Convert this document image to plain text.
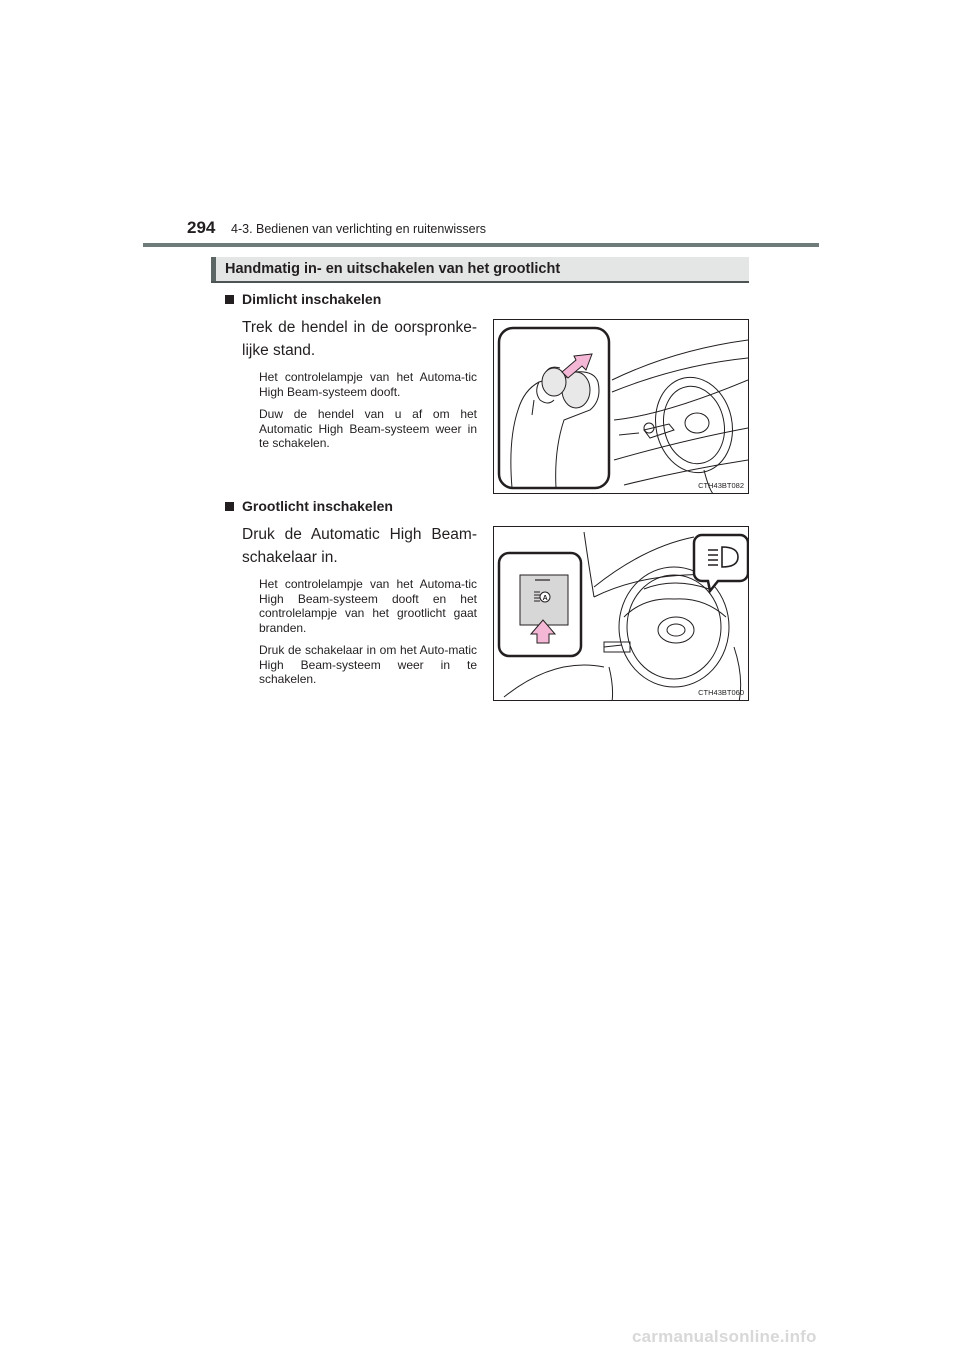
294 4-3. Bedienen van verlichting en ruitenwissers
Handmatig in- en uitschakelen van het grootlicht

Dimlicht inschakelen

Trek de hendel in de oorspronke-lijke stand.

Het controlelampje van het Automa-tic High Beam-systeem dooft.

Duw de hendel van u af om het Automatic High Beam-systeem weer in te schakelen.

CTH43BT082

Grootlicht inschakelen

Druk de Automatic High Beam-schakelaar in.

Het controlelampje van het Automa-tic High Beam-systeem dooft en het controlelampje van het grootlicht gaat branden.

Druk de schakelaar in om het Auto-matic High Beam-systeem weer in te schakelen.

A
CTH43BT060
carmanualsonline.info
